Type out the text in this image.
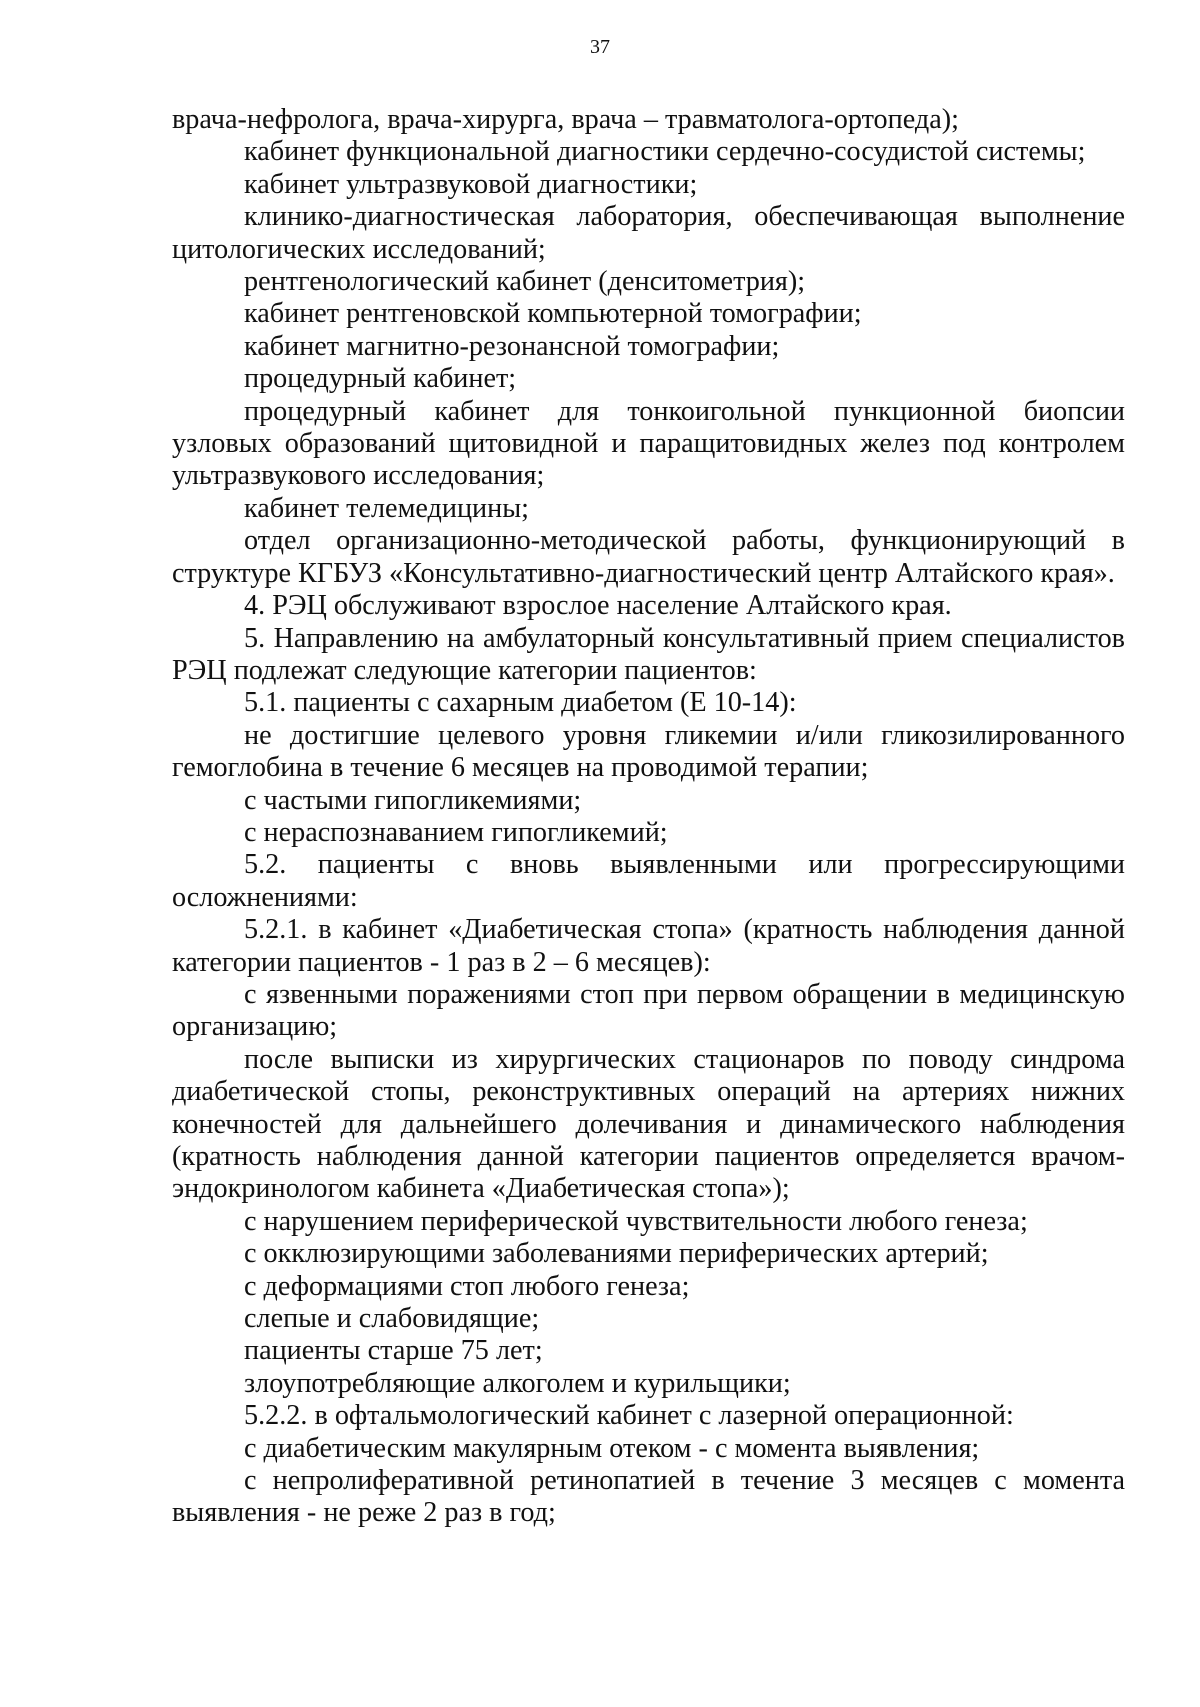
37

врача-нефролога, врача-хирурга, врача – травматолога-ортопеда);

кабинет функциональной диагностики сердечно-сосудистой системы;

кабинет ультразвуковой диагностики;

клинико-диагностическая лаборатория, обеспечивающая выполнение цитологических исследований;

рентгенологический кабинет (денситометрия);

кабинет рентгеновской компьютерной томографии;

кабинет магнитно-резонансной томографии;

процедурный кабинет;

процедурный кабинет для тонкоигольной пункционной биопсии узловых образований щитовидной и паращитовидных желез под контролем ультразвукового исследования;

кабинет телемедицины;

отдел организационно-методической работы, функционирующий в структуре КГБУЗ «Консультативно-диагностический центр Алтайского края».

4. РЭЦ обслуживают взрослое население Алтайского края.

5. Направлению на амбулаторный консультативный прием специалистов РЭЦ подлежат следующие категории пациентов:

5.1. пациенты с сахарным диабетом (Е 10-14):

не достигшие целевого уровня гликемии и/или гликозилированного гемоглобина в течение 6 месяцев на проводимой терапии;

с частыми гипогликемиями;

с нераспознаванием гипогликемий;

5.2. пациенты с вновь выявленными или прогрессирующими осложнениями:

5.2.1. в кабинет «Диабетическая стопа» (кратность наблюдения данной категории пациентов - 1 раз в 2 – 6 месяцев):

с язвенными поражениями стоп при первом обращении в медицинскую организацию;

после выписки из хирургических стационаров по поводу синдрома диабетической стопы, реконструктивных операций на артериях нижних конечностей для дальнейшего долечивания и динамического наблюдения (кратность наблюдения данной категории пациентов определяется врачом-эндокринологом кабинета «Диабетическая стопа»);

с нарушением периферической чувствительности любого генеза;

с окклюзирующими заболеваниями периферических артерий;

с деформациями стоп любого генеза;

слепые и слабовидящие;

пациенты старше 75 лет;

злоупотребляющие алкоголем и курильщики;

5.2.2. в офтальмологический кабинет с лазерной операционной:

с диабетическим макулярным отеком - с момента выявления;

с непролиферативной ретинопатией в течение 3 месяцев с момента выявления - не реже 2 раз в год;
